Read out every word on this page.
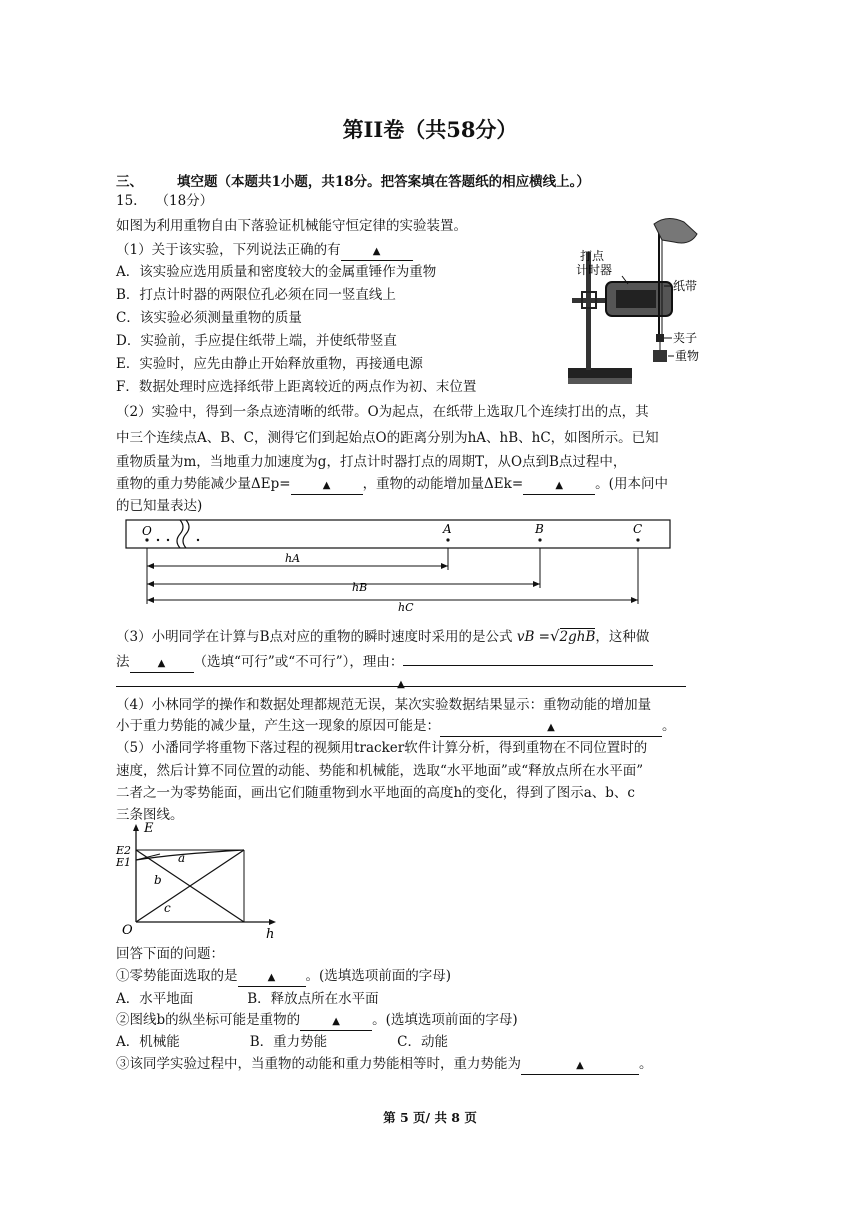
第II卷（共58分）
三、	填空题（本题共1小题，共18分。把答案填在答题纸的相应横线上。）
15. （18分）
如图为利用重物自由下落验证机械能守恒定律的实验装置。
（1）关于该实验，下列说法正确的有	▲
A．该实验应选用质量和密度较大的金属重锤作为重物
B．打点计时器的两限位孔必须在同一竖直线上
C．该实验必须测量重物的质量
D．实验前，手应提住纸带上端，并使纸带竖直
E．实验时，应先由静止开始释放重物，再接通电源
F．数据处理时应选择纸带上距离较近的两点作为初、末位置
打点
计时器
纸带
夹子
重物
（2）实验中，得到一条点迹清晰的纸带。O为起点，在纸带上选取几个连续打出的点，其
中三个连续点A、B、C，测得它们到起始点O的距离分别为hA、hB、hC，如图所示。已知
重物质量为m，当地重力加速度为g，打点计时器打点的周期T，从O点到B点过程中，
重物的重力势能减少量ΔEp=	▲ ，重物的动能增加量ΔEk=	▲ 。(用本问中
的已知量表达)
O	A	B	C
hA
hB
hC
（3）小明同学在计算与B点对应的重物的瞬时速度时采用的是公式 vB =√2ghB，这种做
法	▲ （选填“可行”或“不可行”），理由：
▲
（4）小林同学的操作和数据处理都规范无误，某次实验数据结果显示：重物动能的增加量
小于重力势能的减少量，产生这一现象的原因可能是：	▲	。
（5）小潘同学将重物下落过程的视频用tracker软件计算分析，得到重物在不同位置时的
速度，然后计算不同位置的动能、势能和机械能，选取“水平地面”或“释放点所在水平面”
二者之一为零势能面，画出它们随重物到水平地面的高度h的变化，得到了图示a、b、c
三条图线。
E
E2
E1	a
b
c
O	h
回答下面的问题：
①零势能面选取的是	▲ 。(选填选项前面的字母)
A．水平地面	B．释放点所在水平面
②图线b的纵坐标可能是重物的	▲ 。(选填选项前面的字母)
A．机械能	B．重力势能	C．动能
③该同学实验过程中，当重物的动能和重力势能相等时，重力势能为	▲	。
第 5 页/ 共 8 页
